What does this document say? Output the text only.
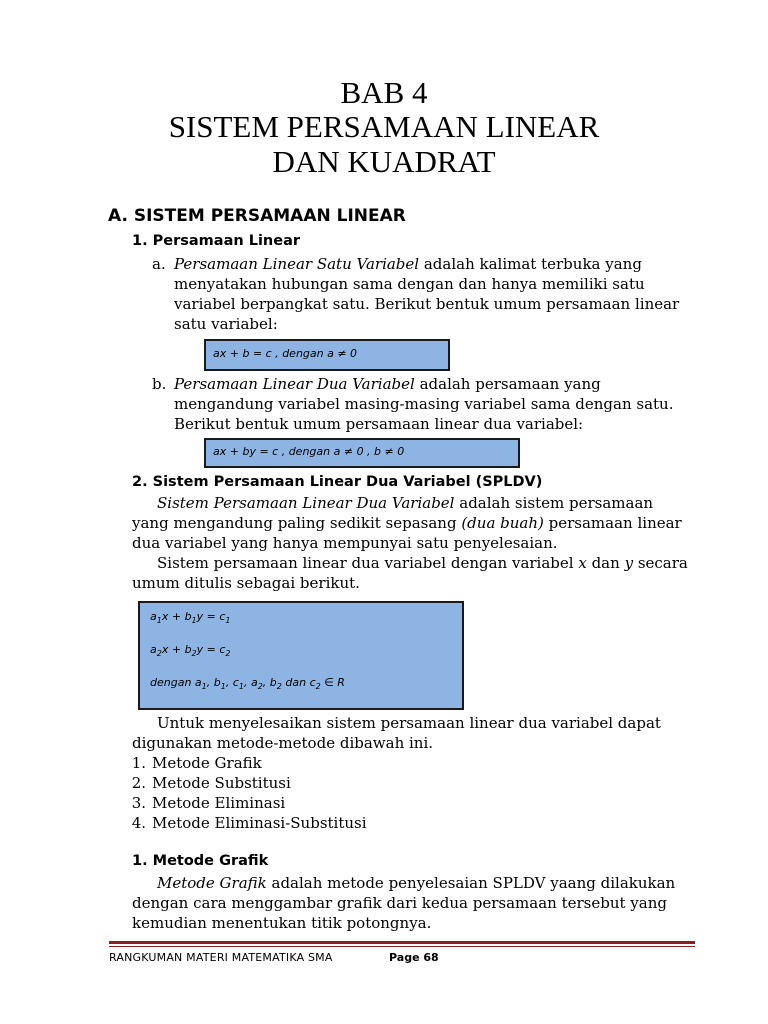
BAB 4
SISTEM PERSAMAAN LINEAR
DAN KUADRAT
A. SISTEM PERSAMAAN LINEAR
1. Persamaan Linear
a. Persamaan Linear Satu Variabel adalah kalimat terbuka yang
menyatakan hubungan sama dengan dan hanya memiliki satu
variabel berpangkat satu. Berikut bentuk umum persamaan linear
satu variabel:
ax + b = c , dengan a ≠ 0
b. Persamaan Linear Dua Variabel adalah persamaan yang
mengandung variabel masing-masing variabel sama dengan satu.
Berikut bentuk umum persamaan linear dua variabel:
ax + by = c , dengan a ≠ 0 , b ≠ 0
2. Sistem Persamaan Linear Dua Variabel (SPLDV)
Sistem Persamaan Linear Dua Variabel adalah sistem persamaan
yang mengandung paling sedikit sepasang (dua buah) persamaan linear
dua variabel yang hanya mempunyai satu penyelesaian.
Sistem persamaan linear dua variabel dengan variabel x dan y secara
umum ditulis sebagai berikut.
$a_1x + b_1y = c_1$
$a_2x + b_2y = c_2$
dengan $a_1$, $b_1$, $c_1$, $a_2$, $b_2$ dan $c_2$ ∈ R
Untuk menyelesaikan sistem persamaan linear dua variabel dapat
digunakan metode-metode dibawah ini.
1. Metode Grafik
2. Metode Substitusi
3. Metode Eliminasi
4. Metode Eliminasi-Substitusi
1. Metode Grafik
Metode Grafik adalah metode penyelesaian SPLDV yaang dilakukan
dengan cara menggambar grafik dari kedua persamaan tersebut yang
kemudian menentukan titik potongnya.
RANGKUMAN MATERI MATEMATIKA SMA	Page 68
